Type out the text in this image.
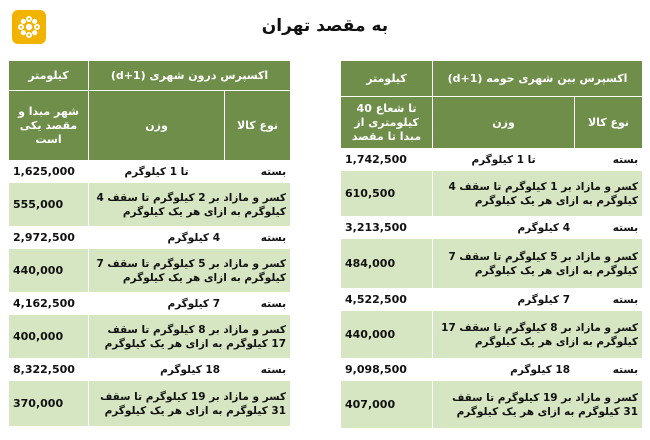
به مقصد تهران
اکسپرس درون شهری (d+1)		کیلومتر
نوع کالا	وزن	شهر مبدا و مقصد یکی است
بسته	تا 1 کیلوگرم	1,625,000
کسر و مازاد بر 2 کیلوگرم تا سقف 4 کیلوگرم به ازای هر یک کیلوگرم		555,000
بسته	4 کیلوگرم	2,972,500
کسر و مازاد بر 5 کیلوگرم تا سقف 7 کیلوگرم به ازای هر یک کیلوگرم		440,000
بسته	7 کیلوگرم	4,162,500
کسر و مازاد بر 8 کیلوگرم تا سقف 17 کیلوگرم به ازای هر یک کیلوگرم		400,000
بسته	18 کیلوگرم	8,322,500
کسر و مازاد بر 19 کیلوگرم تا سقف 31 کیلوگرم به ازای هر یک کیلوگرم		370,000
اکسپرس بین شهری حومه (d+1)		کیلومتر
نوع کالا	وزن	تا شعاع 40 کیلومتری از مبدا تا مقصد
بسته	تا 1 کیلوگرم	1,742,500
کسر و مازاد بر 1 کیلوگرم تا سقف 4 کیلوگرم به ازای هر یک کیلوگرم		610,500
بسته	4 کیلوگرم	3,213,500
کسر و مازاد بر 5 کیلوگرم تا سقف 7 کیلوگرم به ازای هر یک کیلوگرم		484,000
بسته	7 کیلوگرم	4,522,500
کسر و مازاد بر 8 کیلوگرم تا سقف 17 کیلوگرم به ازای هر یک کیلوگرم		440,000
بسته	18 کیلوگرم	9,098,500
کسر و مازاد بر 19 کیلوگرم تا سقف 31 کیلوگرم به ازای هر یک کیلوگرم		407,000
